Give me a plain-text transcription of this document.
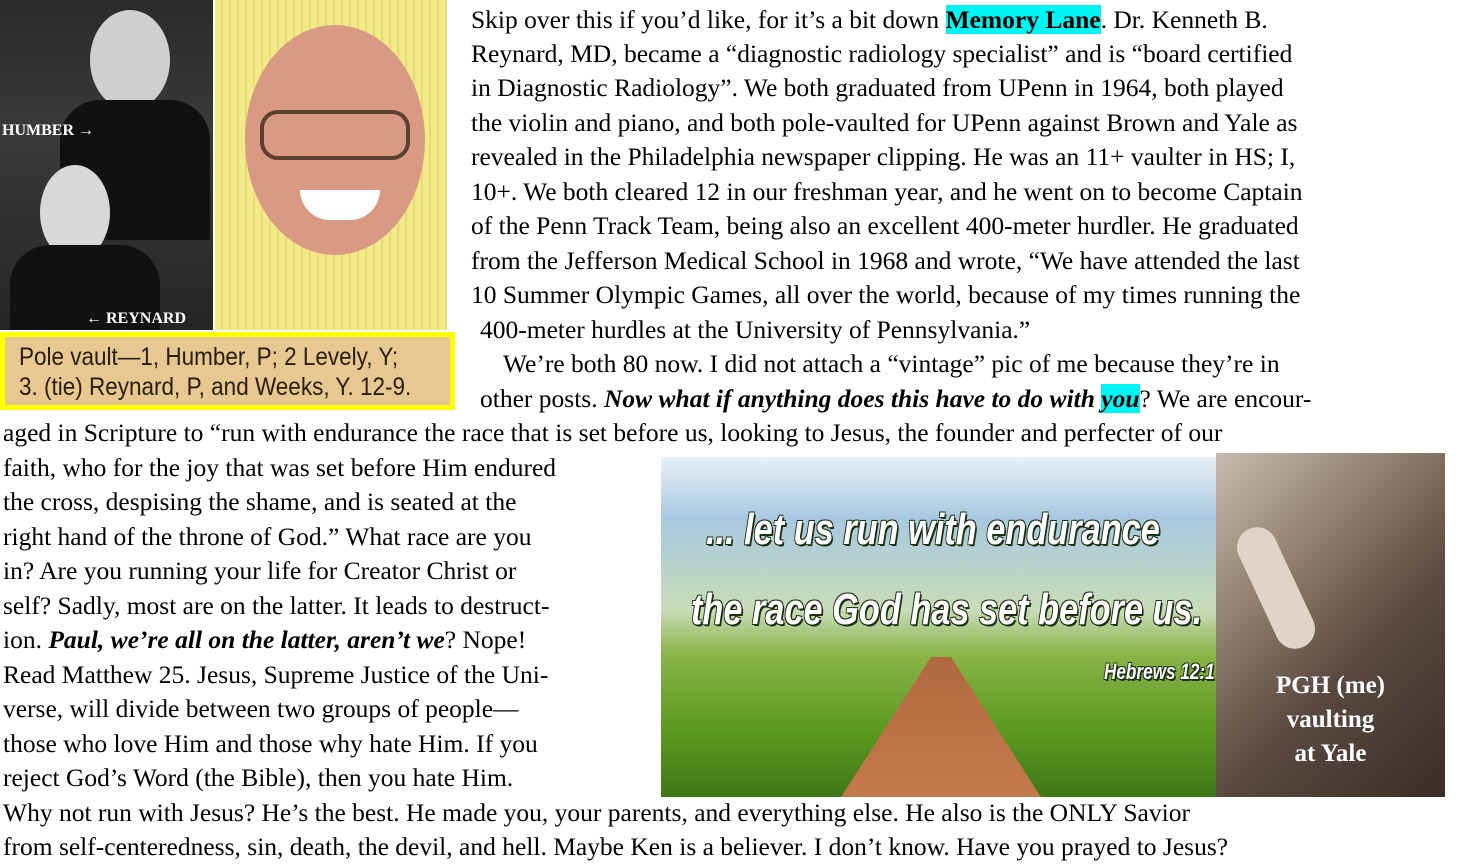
HUMBER →
← REYNARD
Pole vault—1, Humber, P; 2 Levely, Y;
3. (tie) Reynard, P, and Weeks, Y. 12-9.
... let us run with endurance
the race God has set before us.
Hebrews 12:1
PGH (me)
vaulting
at Yale
Skip over this if you’d like, for it’s a bit down Memory Lane. Dr. Kenneth B.
Reynard, MD, became a “diagnostic radiology specialist” and is “board certified
in Diagnostic Radiology”. We both graduated from UPenn in 1964, both played
the violin and piano, and both pole-vaulted for UPenn against Brown and Yale as
revealed in the Philadelphia newspaper clipping. He was an 11+ vaulter in HS; I,
10+. We both cleared 12 in our freshman year, and he went on to become Captain
of the Penn Track Team, being also an excellent 400-meter hurdler. He graduated
from the Jefferson Medical School in 1968 and wrote, “We have attended the last
10 Summer Olympic Games, all over the world, because of my times running the
400-meter hurdles at the University of Pennsylvania.”
We’re both 80 now. I did not attach a “vintage” pic of me because they’re in
other posts. Now what if anything does this have to do with you? We are encour-
aged in Scripture to “run with endurance the race that is set before us, looking to Jesus, the founder and perfecter of our
faith, who for the joy that was set before Him endured
the cross, despising the shame, and is seated at the
right hand of the throne of God.” What race are you
in? Are you running your life for Creator Christ or
self? Sadly, most are on the latter. It leads to destruct-
ion. Paul, we’re all on the latter, aren’t we? Nope!
Read Matthew 25. Jesus, Supreme Justice of the Uni-
verse, will divide between two groups of people—
those who love Him and those why hate Him. If you
reject God’s Word (the Bible), then you hate Him.
Why not run with Jesus? He’s the best. He made you, your parents, and everything else. He also is the ONLY Savior
from self-centeredness, sin, death, the devil, and hell. Maybe Ken is a believer. I don’t know. Have you prayed to Jesus?
